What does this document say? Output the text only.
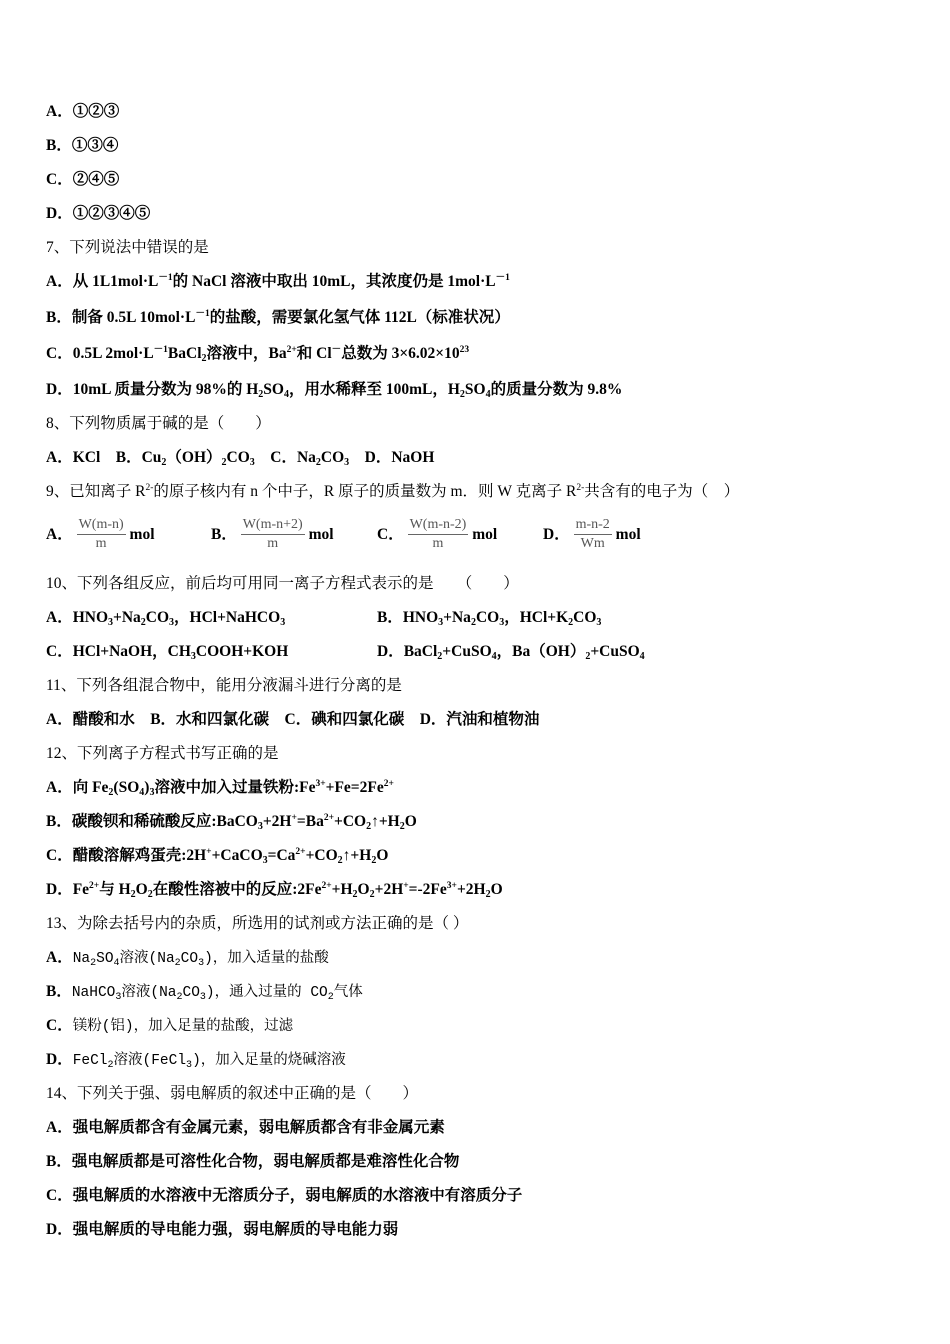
A．①②③
B．①③④
C．②④⑤
D．①②③④⑤
7、下列说法中错误的是
A．从 $1L1mol\cdot L^{-1}$的 NaCl 溶液中取出 10mL，其浓度仍是 $1mol\cdot L^{-1}$
B．制备 0.5L $10mol\cdot L^{-1}$的盐酸，需要氯化氢气体 112L（标准状况）
C．0.5L $2mol\cdot L^{-1}BaCl_2$溶液中，$Ba^{2+}$和 Cl－总数为 $3\times 6.02\times 10^{23}$
D．10mL 质量分数为 98%的 $H_2SO_4$，用水稀释至 100mL，$H_2SO_4$的质量分数为 9.8%
8、下列物质属于碱的是（　　）
A．KCl　B．$Cu_2(OH)_2CO_3$　C．$Na_2CO_3$　D．NaOH
9、已知离子 $R^{2-}$的原子核内有 n 个中子，R 原子的质量数为 m．则 W 克离子 $R^{2-}$共含有的电子为（　）
A． $\frac{W(m-n)}{m}$ mol	B． $\frac{W(m-n+2)}{m}$ mol	C． $\frac{W(m-n-2)}{m}$ mol	D． $\frac{m-n-2}{Wm}$ mol
10、下列各组反应，前后均可用同一离子方程式表示的是　　（　　）
A．$HNO_3+Na_2CO_3$，HCl+NaHCO$_3$	B．$HNO_3+Na_2CO_3$，$HCl+K_2CO_3$
C．HCl+NaOH，$CH_3COOH+KOH$	D．BaCl$_2$+CuSO$_4$，$Ba(OH)_2+CuSO_4$
11、下列各组混合物中，能用分液漏斗进行分离的是
A．醋酸和水　B．水和四氯化碳　C．碘和四氯化碳　D．汽油和植物油
12、下列离子方程式书写正确的是
A．向 $Fe_2(SO_4)_3$溶液中加入过量铁粉$:Fe^{3+}+Fe=2Fe^{2+}$
B．碳酸钡和稀硫酸反应$:BaCO_3+2H^+=Ba^{2+}+CO_2↑+H_2O$
C．醋酸溶解鸡蛋壳$:2H^++CaCO_3=Ca^{2+}+CO_2↑+H_2O$
D．$Fe^{2+}$与 $H_2O_2$在酸性溶被中的反应$:2Fe^{2+}+H_2O_2+2H^+=-2Fe^{3+}+2H_2O$
13、为除去括号内的杂质，所选用的试剂或方法正确的是（ ）
A．$Na_2SO_4$溶液$(Na_2CO_3)$，加入适量的盐酸
B．NaHCO$_3$溶液$(Na_2CO_3)$，通入过量的 $CO_2$气体
C．镁粉(铝)，加入足量的盐酸，过滤
D．FeCl$_2$溶液(FeCl$_3$)，加入足量的烧碱溶液
14、下列关于强、弱电解质的叙述中正确的是（　　）
A．强电解质都含有金属元素，弱电解质都含有非金属元素
B．强电解质都是可溶性化合物，弱电解质都是难溶性化合物
C．强电解质的水溶液中无溶质分子，弱电解质的水溶液中有溶质分子
D．强电解质的导电能力强，弱电解质的导电能力弱
